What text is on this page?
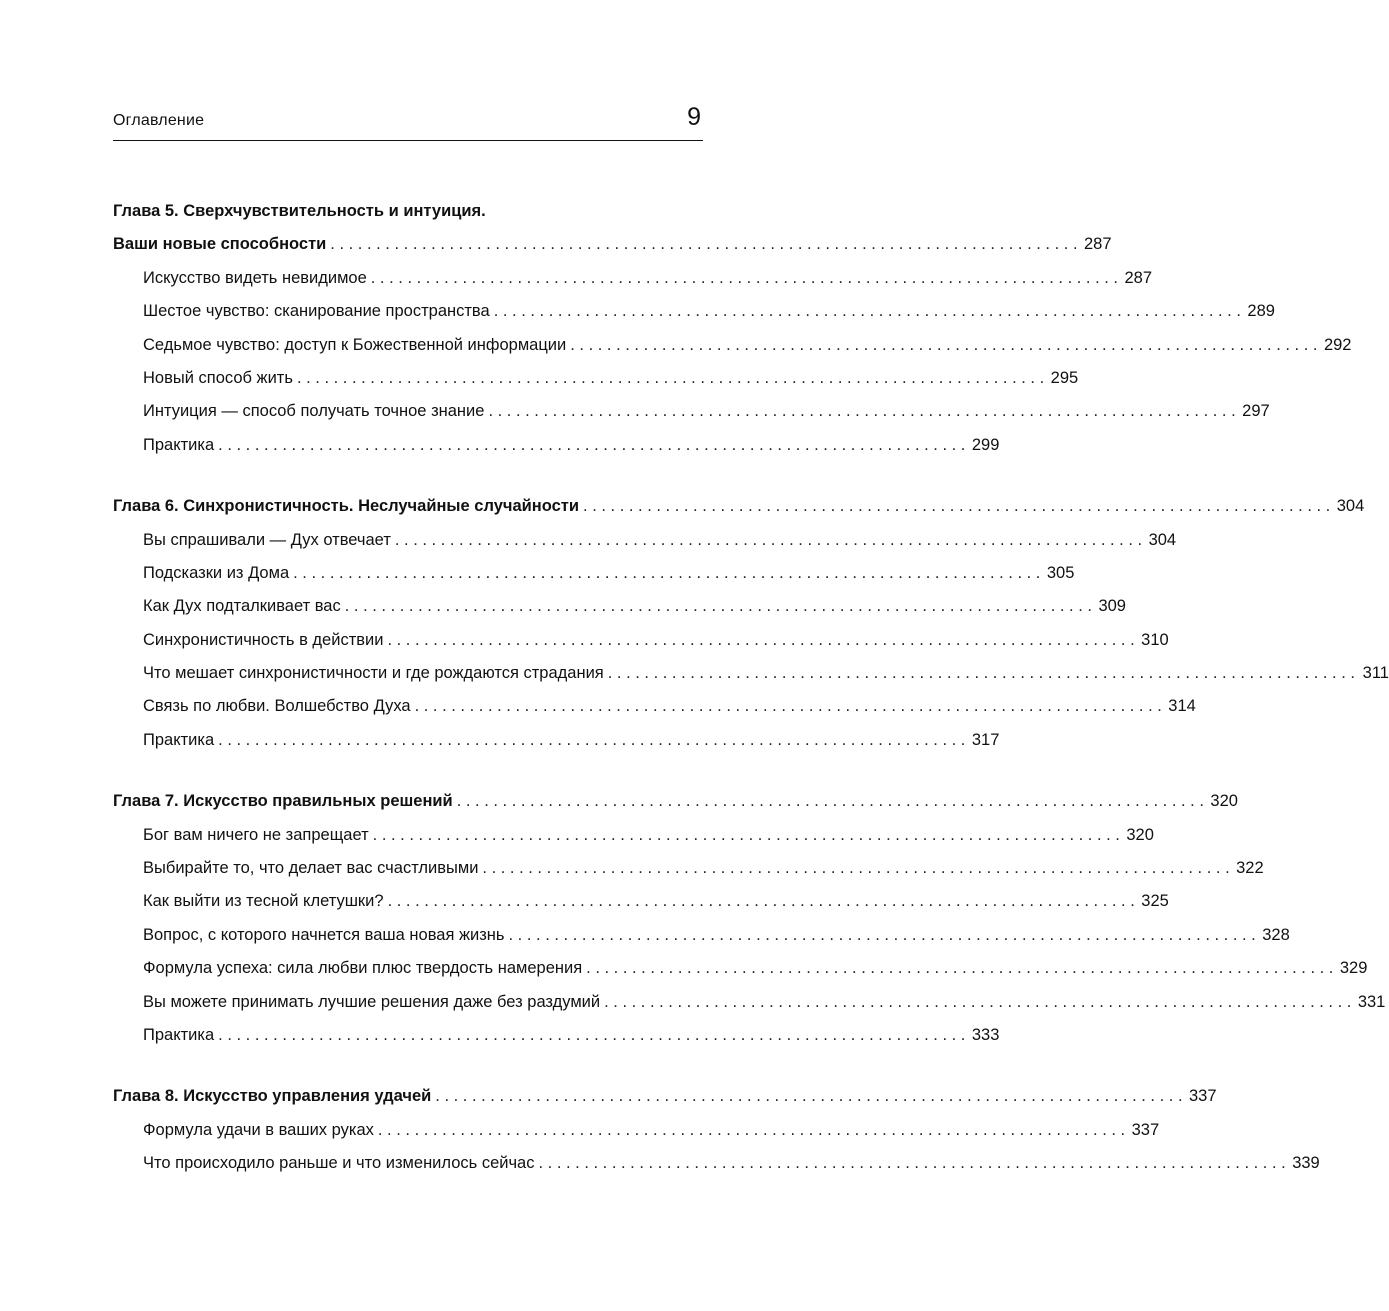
Оглавление	9
Глава 5. Сверхчувствительность и интуиция.
Ваши новые способности . . .	287
Искусство видеть невидимое . . .	287
Шестое чувство: сканирование пространства . . .	289
Седьмое чувство: доступ к Божественной информации . . .	292
Новый способ жить . . .	295
Интуиция — способ получать точное знание . . .	297
Практика . . .	299
Глава 6. Синхронистичность. Неслучайные случайности . . .	304
Вы спрашивали — Дух отвечает . . .	304
Подсказки из Дома . . .	305
Как Дух подталкивает вас . . .	309
Синхронистичность в действии . . .	310
Что мешает синхронистичности и где рождаются страдания . . .	311
Связь по любви. Волшебство Духа . . .	314
Практика . . .	317
Глава 7. Искусство правильных решений . . .	320
Бог вам ничего не запрещает . . .	320
Выбирайте то, что делает вас счастливыми . . .	322
Как выйти из тесной клетушки? . . .	325
Вопрос, с которого начнется ваша новая жизнь . . .	328
Формула успеха: сила любви плюс твердость намерения . . .	329
Вы можете принимать лучшие решения даже без раздумий . . .	331
Практика . . .	333
Глава 8. Искусство управления удачей . . .	337
Формула удачи в ваших руках . . .	337
Что происходило раньше и что изменилось сейчас . . .	339
